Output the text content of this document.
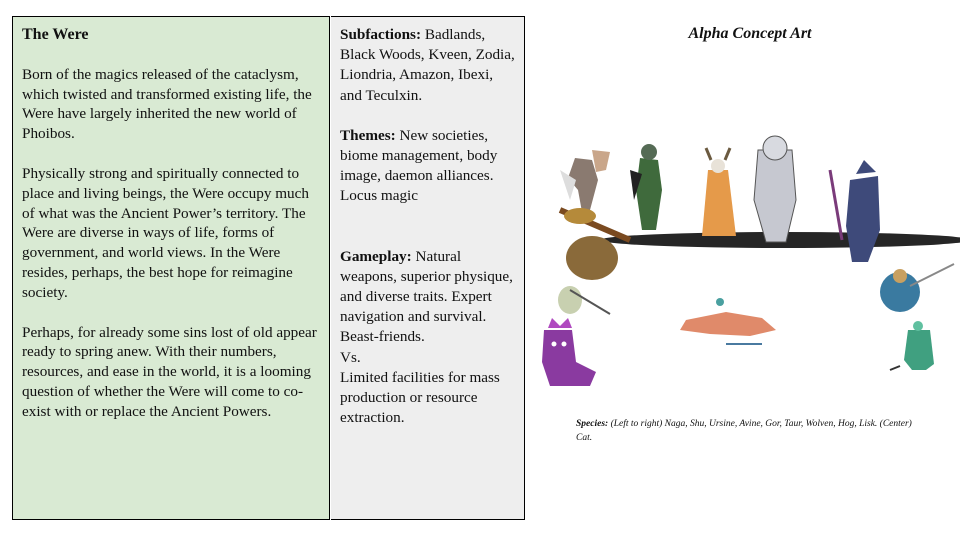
The Were

Born of the magics released of the cataclysm, which twisted and transformed existing life, the Were have largely inherited the new world of Phoibos.

Physically strong and spiritually connected to place and living beings, the Were occupy much of what was the Ancient Power’s territory. The Were are diverse in ways of life, forms of government, and world views. In the Were resides, perhaps, the best hope for reimagine society.

Perhaps, for already some sins lost of old appear ready to spring anew. With their numbers, resources, and ease in the world, it is a looming question of whether the Were will come to co-exist with or replace the Ancient Powers.

Subfactions: Badlands, Black Woods, Kveen, Zodia, Liondria, Amazon, Ibexi, and Teculxin.

Themes: New societies, biome management, body image, daemon alliances. Locus magic

Gameplay: Natural weapons, superior physique, and diverse traits. Expert navigation and survival.

Beast-friends.

Vs.

Limited facilities for mass production or resource extraction.

Alpha Concept Art
Species: (Left to right) Naga, Shu, Ursine, Avine, Gor, Taur, Wolven, Hog, Lisk. (Center) Cat.
